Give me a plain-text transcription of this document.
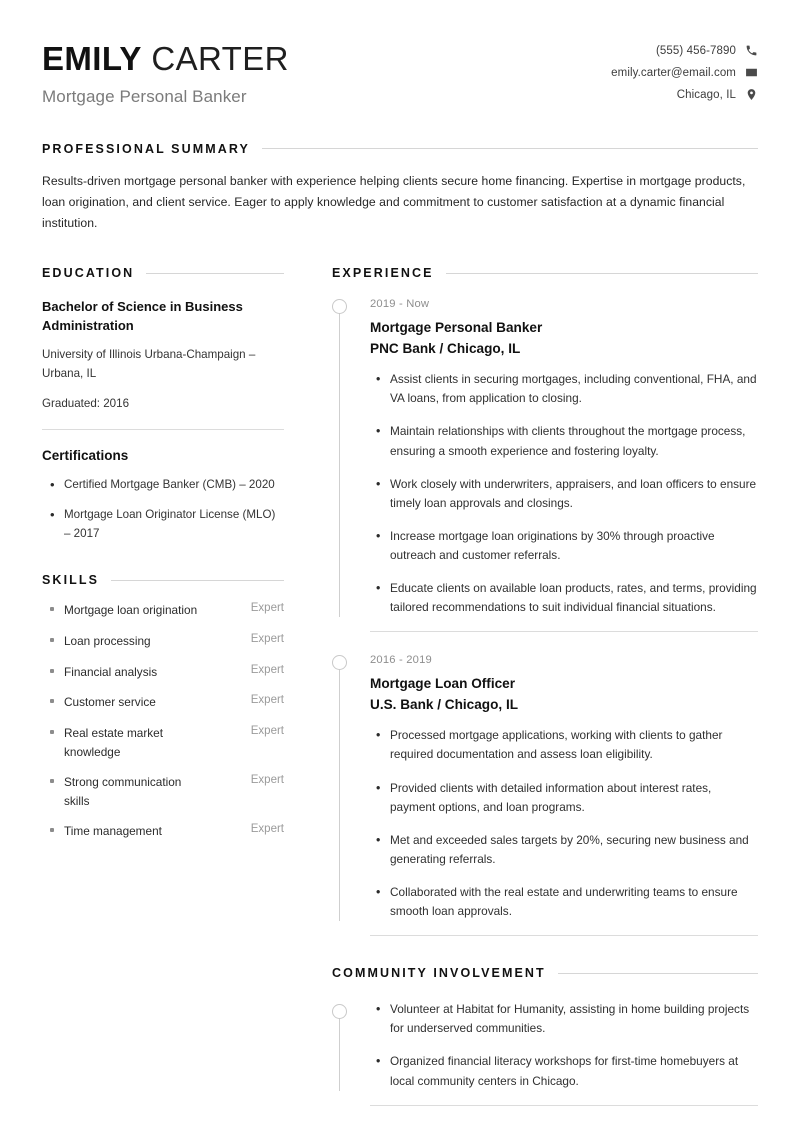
EMILY CARTER
Mortgage Personal Banker
(555) 456-7890
emily.carter@email.com
Chicago, IL
PROFESSIONAL SUMMARY
Results-driven mortgage personal banker with experience helping clients secure home financing. Expertise in mortgage products, loan origination, and client service. Eager to apply knowledge and commitment to customer satisfaction at a dynamic financial institution.
EDUCATION
Bachelor of Science in Business Administration
University of Illinois Urbana-Champaign – Urbana, IL
Graduated: 2016
Certifications
• Certified Mortgage Banker (CMB) – 2020
• Mortgage Loan Originator License (MLO) – 2017
SKILLS
Mortgage loan origination	Expert
Loan processing	Expert
Financial analysis	Expert
Customer service	Expert
Real estate market knowledge
Expert
Strong communication skills
Expert
Time management	Expert
EXPERIENCE
2019 - Now
Mortgage Personal Banker
PNC Bank / Chicago, IL
• Assist clients in securing mortgages, including conventional, FHA, and VA loans, from application to closing.
• Maintain relationships with clients throughout the mortgage process, ensuring a smooth experience and fostering loyalty.
• Work closely with underwriters, appraisers, and loan officers to ensure timely loan approvals and closings.
• Increase mortgage loan originations by 30% through proactive outreach and customer referrals.
• Educate clients on available loan products, rates, and terms, providing tailored recommendations to suit individual financial situations.
2016 - 2019
Mortgage Loan Officer
U.S. Bank / Chicago, IL
• Processed mortgage applications, working with clients to gather required documentation and assess loan eligibility.
• Provided clients with detailed information about interest rates, payment options, and loan programs.
• Met and exceeded sales targets by 20%, securing new business and generating referrals.
• Collaborated with the real estate and underwriting teams to ensure smooth loan approvals.
COMMUNITY INVOLVEMENT
• Volunteer at Habitat for Humanity, assisting in home building projects for underserved communities.
• Organized financial literacy workshops for first-time homebuyers at local community centers in Chicago.
